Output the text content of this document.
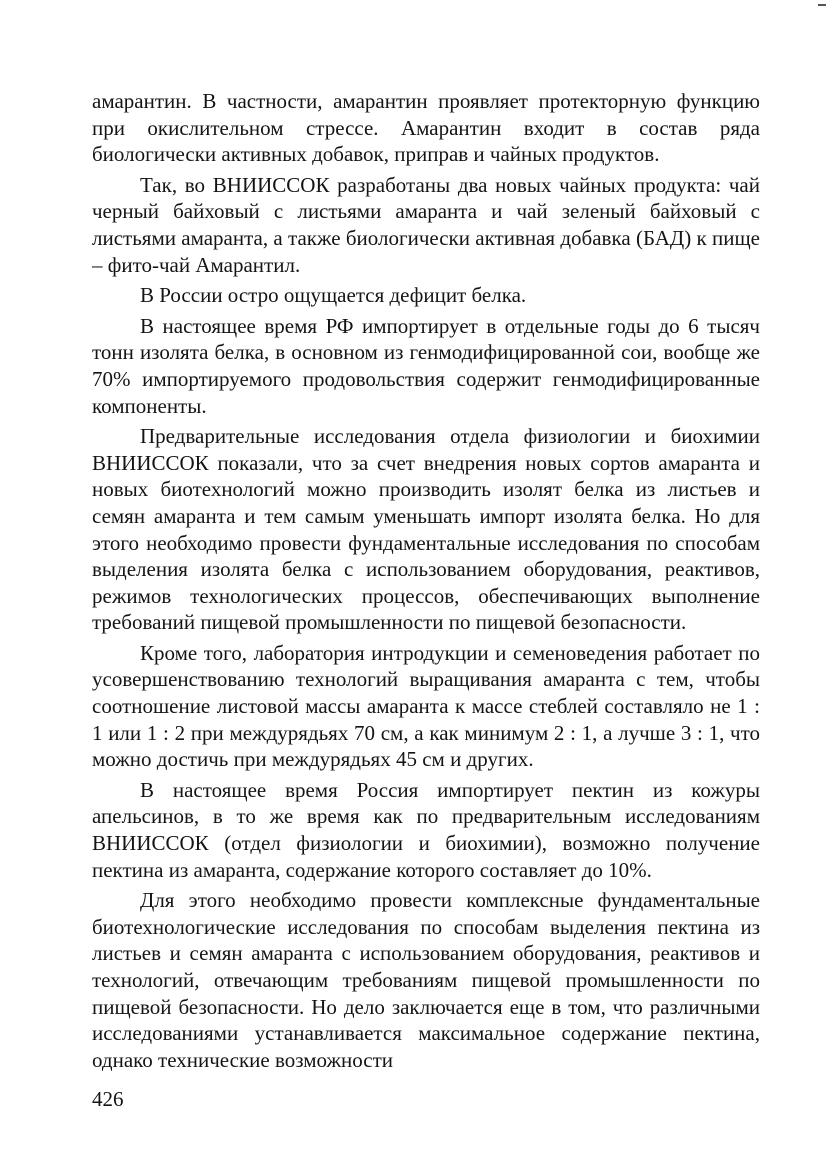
амарантин. В частности, амарантин проявляет протекторную функцию при окислительном стрессе. Амарантин входит в состав ряда биологически активных добавок, приправ и чайных продуктов.

Так, во ВНИИССОК разработаны два новых чайных продукта: чай черный байховый с листьями амаранта и чай зеленый байховый с листьями амаранта, а также биологически активная добавка (БАД) к пище – фито-чай Амарантил.

В России остро ощущается дефицит белка.

В настоящее время РФ импортирует в отдельные годы до 6 тысяч тонн изолята белка, в основном из генмодифицированной сои, вообще же 70% импортируемого продовольствия содержит генмодифицированные компоненты.

Предварительные исследования отдела физиологии и биохимии ВНИИССОК показали, что за счет внедрения новых сортов амаранта и новых биотехнологий можно производить изолят белка из листьев и семян амаранта и тем самым уменьшать импорт изолята белка. Но для этого необходимо провести фундаментальные исследования по способам выделения изолята белка с использованием оборудования, реактивов, режимов технологических процессов, обеспечивающих выполнение требований пищевой промышленности по пищевой безопасности.

Кроме того, лаборатория интродукции и семеноведения работает по усовершенствованию технологий выращивания амаранта с тем, чтобы соотношение листовой массы амаранта к массе стеблей составляло не 1 : 1 или 1 : 2 при междурядьях 70 см, а как минимум 2 : 1, а лучше 3 : 1, что можно достичь при междурядьях 45 см и других.

В настоящее время Россия импортирует пектин из кожуры апельсинов, в то же время как по предварительным исследованиям ВНИИССОК (отдел физиологии и биохимии), возможно получение пектина из амаранта, содержание которого составляет до 10%.

Для этого необходимо провести комплексные фундаментальные биотехнологические исследования по способам выделения пектина из листьев и семян амаранта с использованием оборудования, реактивов и технологий, отвечающим требованиям пищевой промышленности по пищевой безопасности. Но дело заключается еще в том, что различными исследованиями устанавливается максимальное содержание пектина, однако технические возможности

426
